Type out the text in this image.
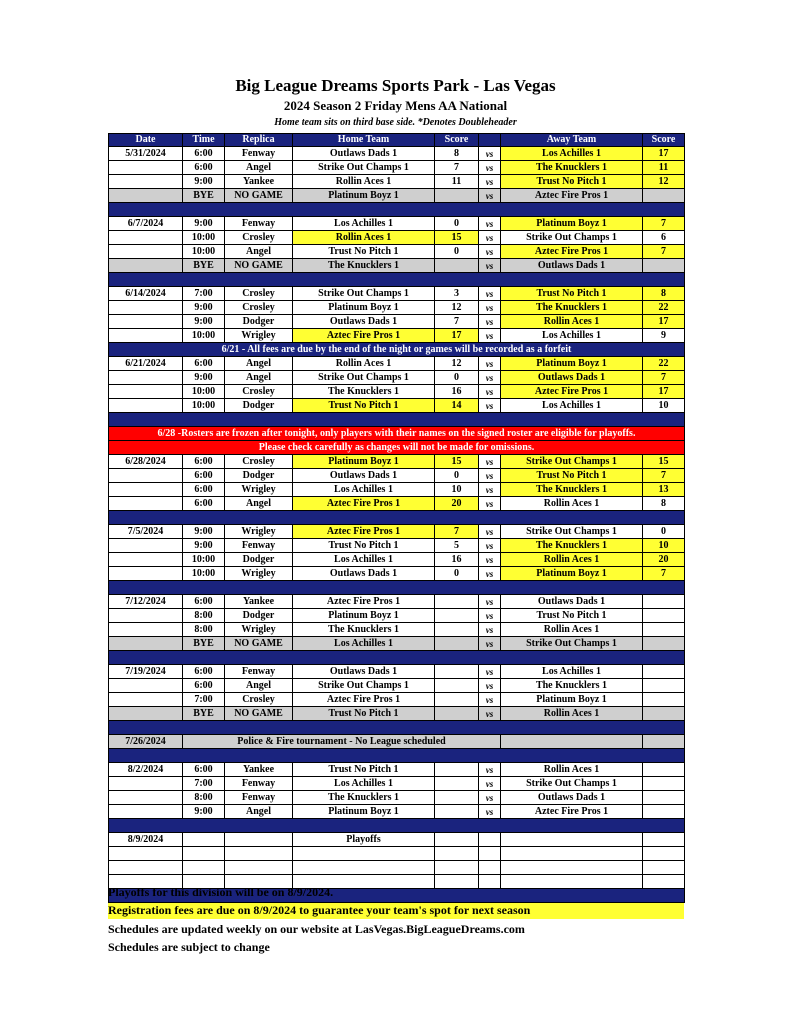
Big League Dreams Sports Park - Las Vegas
2024 Season 2 Friday Mens AA National
Home team sits on third base side. *Denotes Doubleheader
Date	Time	Replica	Home Team	Score		Away Team	Score
5/31/2024	6:00	Fenway	Outlaws Dads 1	8	vs	Los Achilles 1	17
	6:00	Angel	Strike Out Champs 1	7	vs	The Knucklers 1	11
	9:00	Yankee	Rollin Aces 1	11	vs	Trust No Pitch 1	12
	BYE	NO GAME	Platinum Boyz 1		vs	Aztec Fire Pros 1	

6/7/2024	9:00	Fenway	Los Achilles 1	0	vs	Platinum Boyz 1	7
	10:00	Crosley	Rollin Aces 1	15	vs	Strike Out Champs 1	6
	10:00	Angel	Trust No Pitch 1	0	vs	Aztec Fire Pros 1	7
	BYE	NO GAME	The Knucklers 1		vs	Outlaws Dads 1	

6/14/2024	7:00	Crosley	Strike Out Champs 1	3	vs	Trust No Pitch 1	8
	9:00	Crosley	Platinum Boyz 1	12	vs	The Knucklers 1	22
	9:00	Dodger	Outlaws Dads 1	7	vs	Rollin Aces 1	17
	10:00	Wrigley	Aztec Fire Pros 1	17	vs	Los Achilles 1	9
6/21 - All fees are due by the end of the night or games will be recorded as a forfeit							
6/21/2024	6:00	Angel	Rollin Aces 1	12	vs	Platinum Boyz 1	22
	9:00	Angel	Strike Out Champs 1	0	vs	Outlaws Dads 1	7
	10:00	Crosley	The Knucklers 1	16	vs	Aztec Fire Pros 1	17
	10:00	Dodger	Trust No Pitch 1	14	vs	Los Achilles 1	10

6/28 -Rosters are frozen after tonight, only players with their names on the signed roster are eligible for playoffs.							
Please check carefully as changes will not be made for omissions.							
6/28/2024	6:00	Crosley	Platinum Boyz 1	15	vs	Strike Out Champs 1	15
	6:00	Dodger	Outlaws Dads 1	0	vs	Trust No Pitch 1	7
	6:00	Wrigley	Los Achilles 1	10	vs	The Knucklers 1	13
	6:00	Angel	Aztec Fire Pros 1	20	vs	Rollin Aces 1	8

7/5/2024	9:00	Wrigley	Aztec Fire Pros 1	7	vs	Strike Out Champs 1	0
	9:00	Fenway	Trust No Pitch 1	5	vs	The Knucklers 1	10
	10:00	Dodger	Los Achilles 1	16	vs	Rollin Aces 1	20
	10:00	Wrigley	Outlaws Dads 1	0	vs	Platinum Boyz 1	7

7/12/2024	6:00	Yankee	Aztec Fire Pros 1		vs	Outlaws Dads 1	
	8:00	Dodger	Platinum Boyz 1		vs	Trust No Pitch 1	
	8:00	Wrigley	The Knucklers 1		vs	Rollin Aces 1	
	BYE	NO GAME	Los Achilles 1		vs	Strike Out Champs 1	

7/19/2024	6:00	Fenway	Outlaws Dads 1		vs	Los Achilles 1	
	6:00	Angel	Strike Out Champs 1		vs	The Knucklers 1	
	7:00	Crosley	Aztec Fire Pros 1		vs	Platinum Boyz 1	
	BYE	NO GAME	Trust No Pitch 1		vs	Rollin Aces 1	

7/26/2024	Police & Fire tournament - No League scheduled						

8/2/2024	6:00	Yankee	Trust No Pitch 1		vs	Rollin Aces 1	
	7:00	Fenway	Los Achilles 1		vs	Strike Out Champs 1	
	8:00	Fenway	The Knucklers 1		vs	Outlaws Dads 1	
	9:00	Angel	Platinum Boyz 1		vs	Aztec Fire Pros 1	

8/9/2024			Playoffs				

Playoffs for this division will be on 8/9/2024.
Registration fees are due on 8/9/2024 to guarantee your team's spot for next season
Schedules are updated weekly on our website at LasVegas.BigLeagueDreams.com
Schedules are subject to change
